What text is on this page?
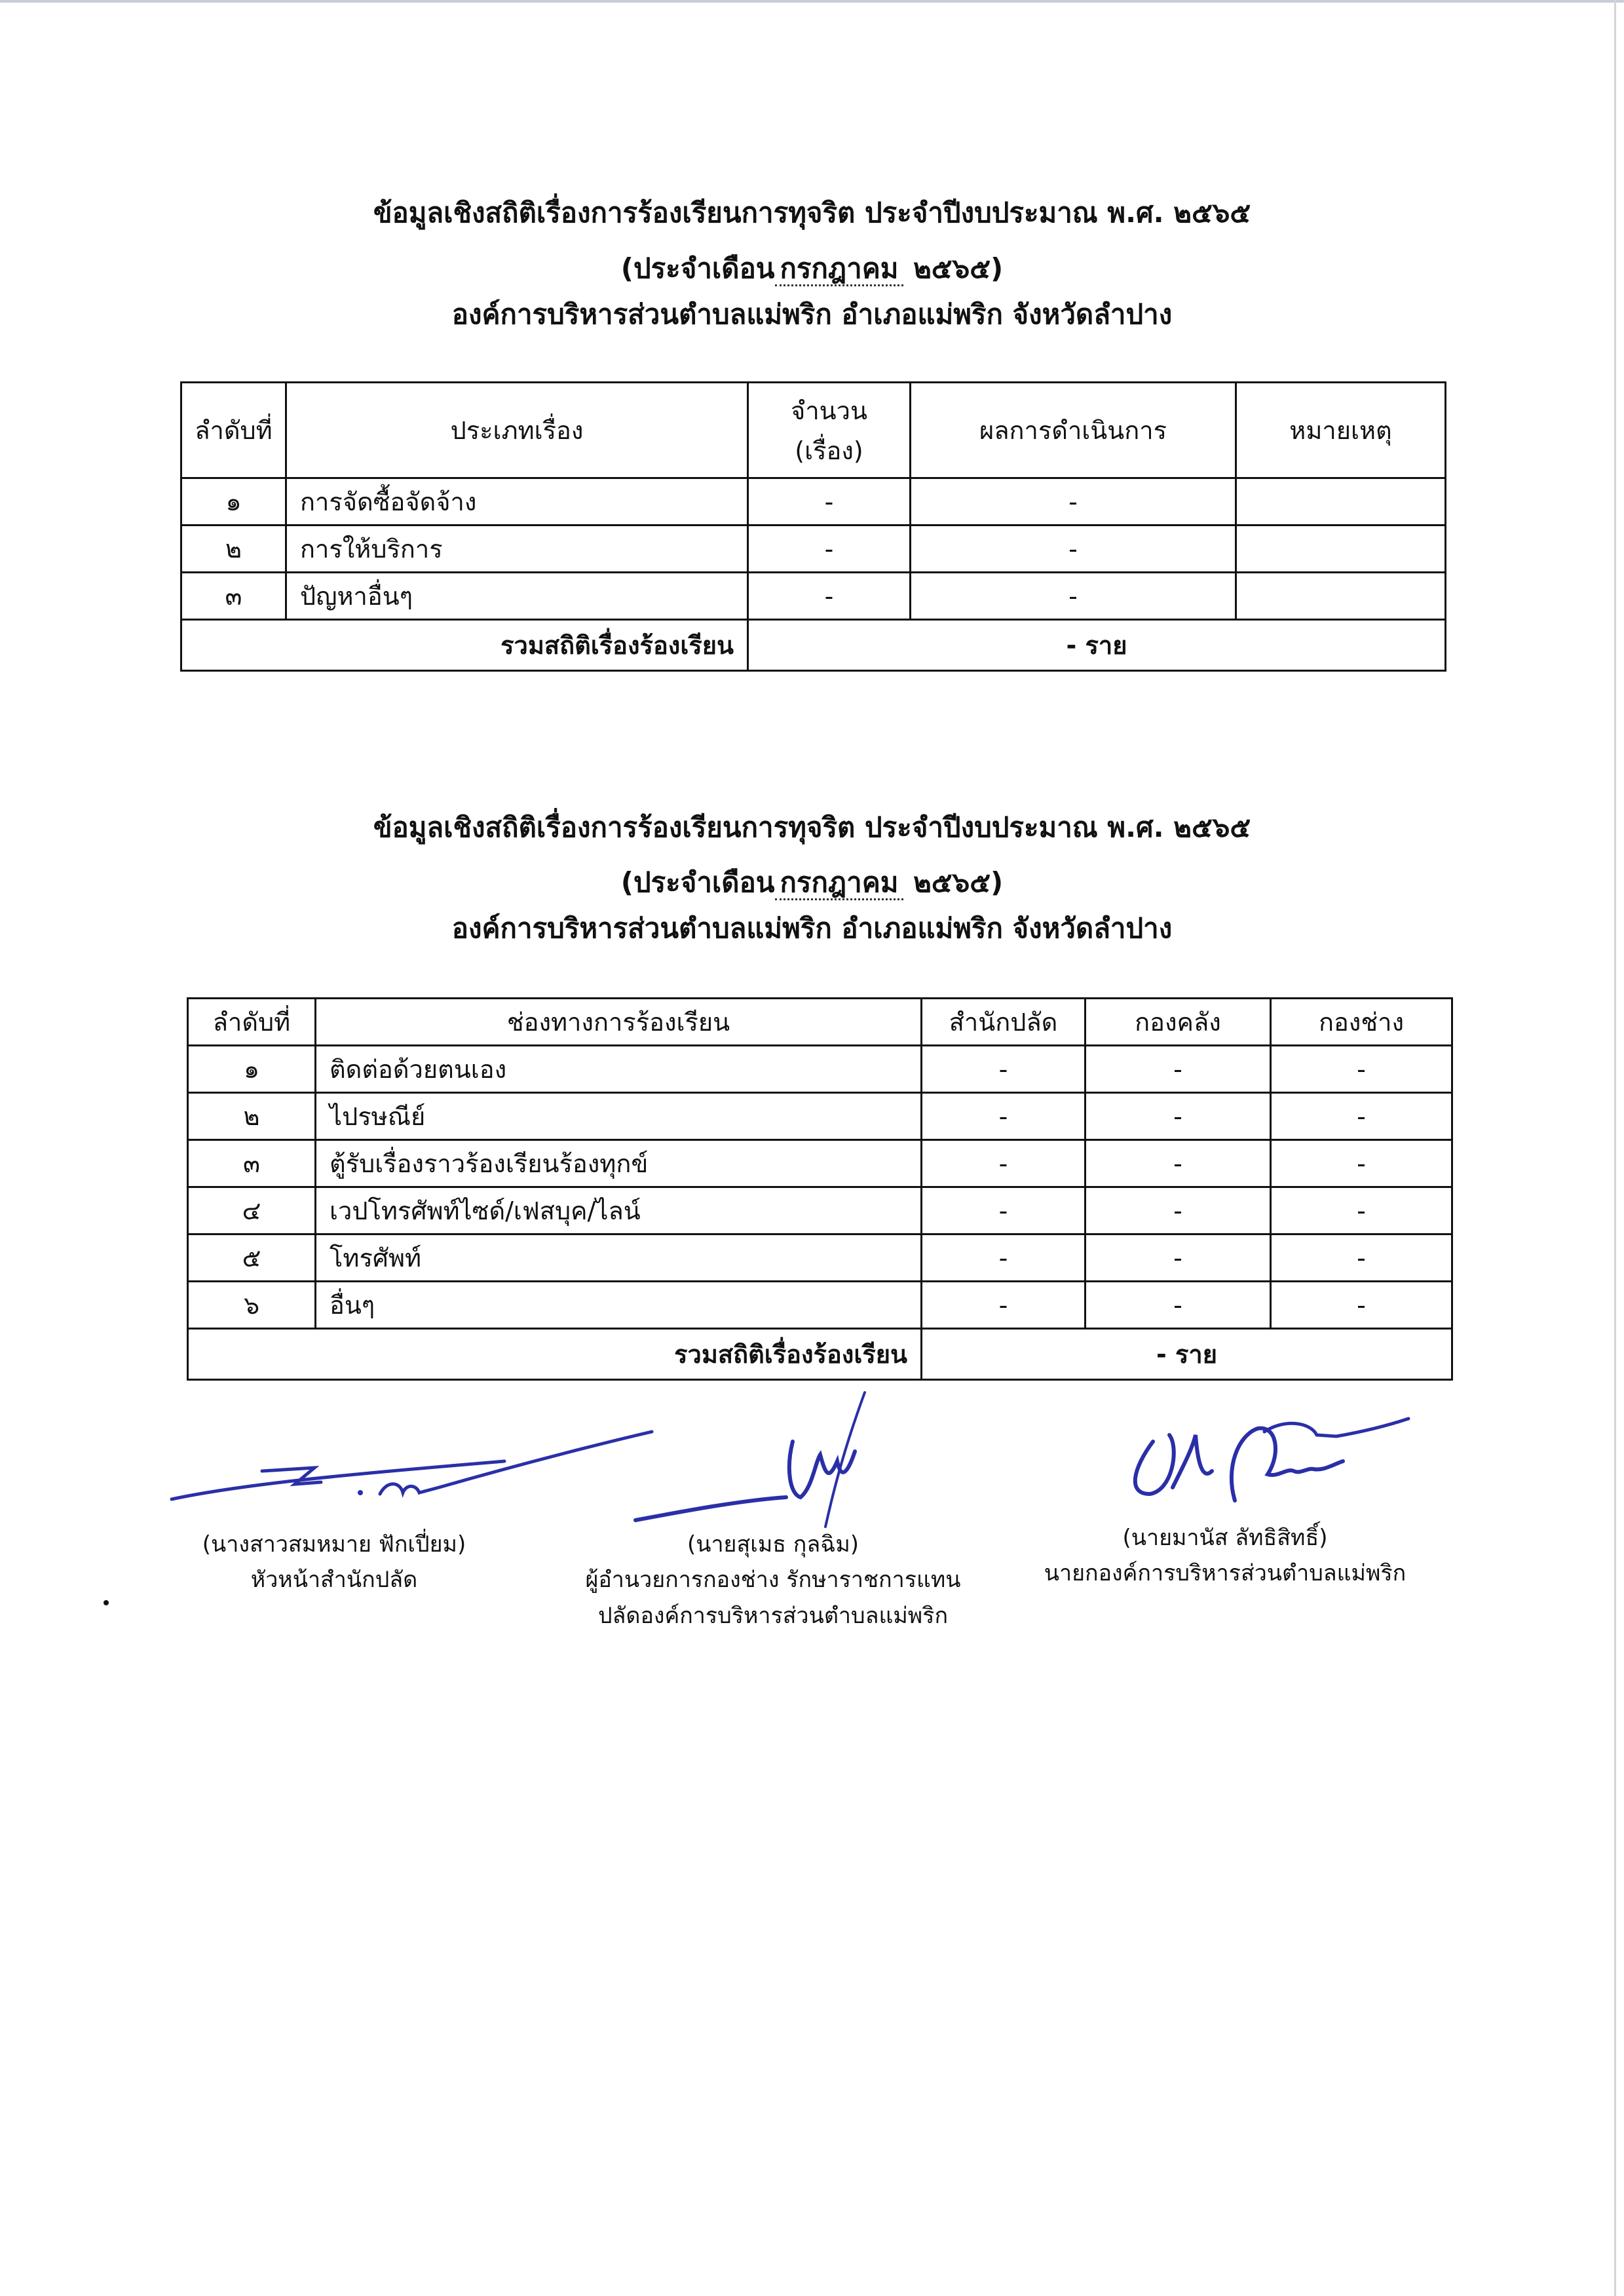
ข้อมูลเชิงสถิติเรื่องการร้องเรียนการทุจริต ประจำปีงบประมาณ พ.ศ. ๒๕๖๕
(ประจำเดือน กรกฎาคม ๒๕๖๕)
องค์การบริหารส่วนตำบลแม่พริก อำเภอแม่พริก จังหวัดลำปาง
ลำดับที่	ประเภทเรื่อง	จำนวน (เรื่อง)	ผลการดำเนินการ	หมายเหตุ
๑	การจัดซื้อจัดจ้าง	-	-	
๒	การให้บริการ	-	-	
๓	ปัญหาอื่นๆ	-	-	
รวมสถิติเรื่องร้องเรียน		- ราย		
ข้อมูลเชิงสถิติเรื่องการร้องเรียนการทุจริต ประจำปีงบประมาณ พ.ศ. ๒๕๖๕
(ประจำเดือน กรกฎาคม ๒๕๖๕)
องค์การบริหารส่วนตำบลแม่พริก อำเภอแม่พริก จังหวัดลำปาง
ลำดับที่	ช่องทางการร้องเรียน	สำนักปลัด	กองคลัง	กองช่าง
๑	ติดต่อด้วยตนเอง	-	-	-
๒	ไปรษณีย์	-	-	-
๓	ตู้รับเรื่องราวร้องเรียนร้องทุกข์	-	-	-
๔	เวปโทรศัพท์ไซด์/เฟสบุค/ไลน์	-	-	-
๕	โทรศัพท์	-	-	-
๖	อื่นๆ	-	-	-
รวมสถิติเรื่องร้องเรียน		- ราย		
(นางสาวสมหมาย ฟักเปี่ยม)
หัวหน้าสำนักปลัด
(นายสุเมธ กุลฉิม)
ผู้อำนวยการกองช่าง รักษาราชการแทน
ปลัดองค์การบริหารส่วนตำบลแม่พริก
(นายมานัส ลัทธิสิทธิ์)
นายกองค์การบริหารส่วนตำบลแม่พริก
